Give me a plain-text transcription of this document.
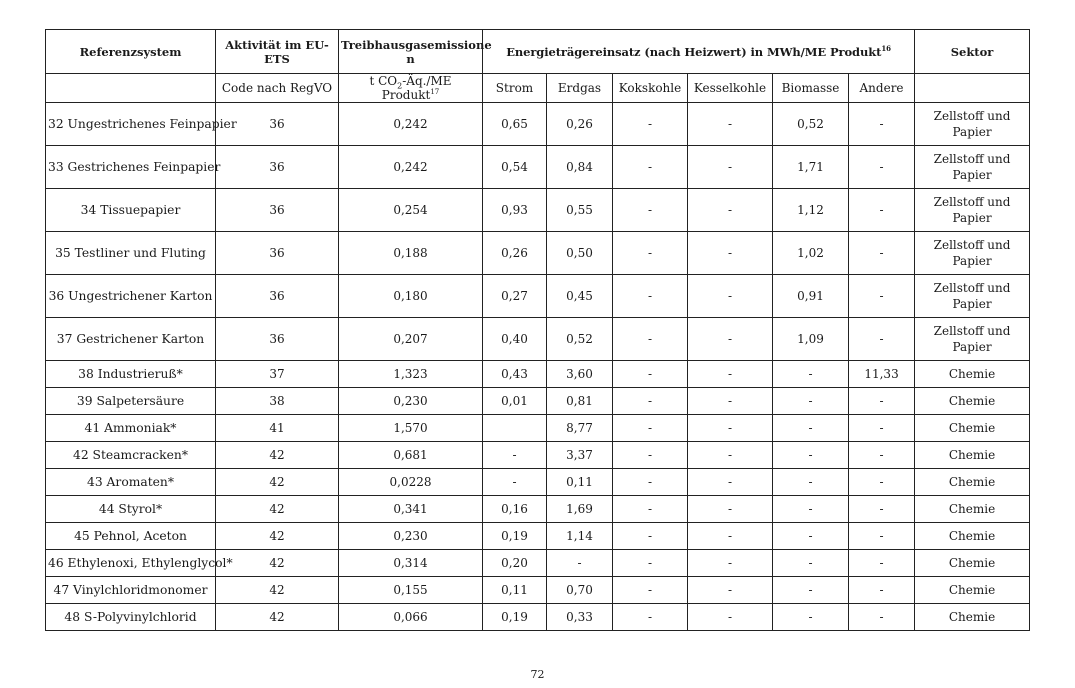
Referenzsystem	Aktivität im EU-ETS	Treibhausgasemissione
n	Energieträgereinsatz (nach Heizwert) in MWh/ME Produkt$^{16}$						Sektor
	Code nach RegVO	t $CO_2-Äq./ME$ Produkt$^{17}$	Strom	Erdgas	Kokskohle	Kesselkohle	Biomasse	Andere	
32 Ungestrichenes Feinpapier	36	0,242	0,65	0,26	-	-	0,52	-	Zellstoff und Papier
33 Gestrichenes Feinpapier	36	0,242	0,54	0,84	-	-	1,71	-	Zellstoff und Papier
34 Tissuepapier	36	0,254	0,93	0,55	-	-	1,12	-	Zellstoff und Papier
35 Testliner und Fluting	36	0,188	0,26	0,50	-	-	1,02	-	Zellstoff und Papier
36 Ungestrichener Karton	36	0,180	0,27	0,45	-	-	0,91	-	Zellstoff und Papier
37 Gestrichener Karton	36	0,207	0,40	0,52	-	-	1,09	-	Zellstoff und Papier
38 Industrieruß*	37	1,323	0,43	3,60	-	-	-	11,33	Chemie
39 Salpetersäure	38	0,230	0,01	0,81	-	-	-	-	Chemie
41 Ammoniak*	41	1,570		8,77	-	-	-	-	Chemie
42 Steamcracken*	42	0,681	-	3,37	-	-	-	-	Chemie
43 Aromaten*	42	0,0228	-	0,11	-	-	-	-	Chemie
44 Styrol*	42	0,341	0,16	1,69	-	-	-	-	Chemie
45 Pehnol, Aceton	42	0,230	0,19	1,14	-	-	-	-	Chemie
46 Ethylenoxi, Ethylenglycol*	42	0,314	0,20	-	-	-	-	-	Chemie
47 Vinylchloridmonomer	42	0,155	0,11	0,70	-	-	-	-	Chemie
48 S-Polyvinylchlorid	42	0,066	0,19	0,33	-	-	-	-	Chemie
72
